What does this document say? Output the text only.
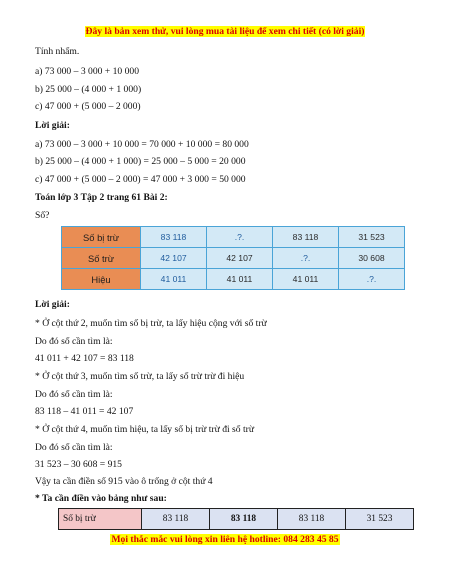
Đây là bản xem thử, vui lòng mua tài liệu để xem chi tiết (có lời giải)
Tính nhẩm.
a) 73 000 – 3 000 + 10 000
b) 25 000 – (4 000 + 1 000)
c) 47 000 + (5 000 – 2 000)
Lời giải:
a) 73 000 – 3 000 + 10 000 = 70 000 + 10 000 = 80 000
b) 25 000 – (4 000 + 1 000) = 25 000 – 5 000 = 20 000
c) 47 000 + (5 000 – 2 000) = 47 000 + 3 000 = 50 000
Toán lớp 3 Tập 2 trang 61 Bài 2:
Số?
Số bị trừ	83 118	.?.	83 118	31 523
Số trừ	42 107	42 107	.?.	30 608
Hiệu	41 011	41 011	41 011	.?.
Lời giải:
* Ở cột thứ 2, muốn tìm số bị trừ, ta lấy hiệu cộng với số trừ
Do đó số cần tìm là:
41 011 + 42 107 = 83 118
* Ở cột thứ 3, muốn tìm số trừ, ta lấy số trừ trừ đi hiệu
Do đó số cần tìm là:
83 118 – 41 011 = 42 107
* Ở cột thứ 4, muốn tìm hiệu, ta lấy số bị trừ trừ đi số trừ
Do đó số cần tìm là:
31 523 – 30 608 = 915
Vậy ta cần điền số 915 vào ô trống ở cột thứ 4
* Ta cần điền vào bảng như sau:
Số bị trừ	83 118	83 118	83 118	31 523
Mọi thắc mắc vui lòng xin liên hệ hotline: 084 283 45 85
